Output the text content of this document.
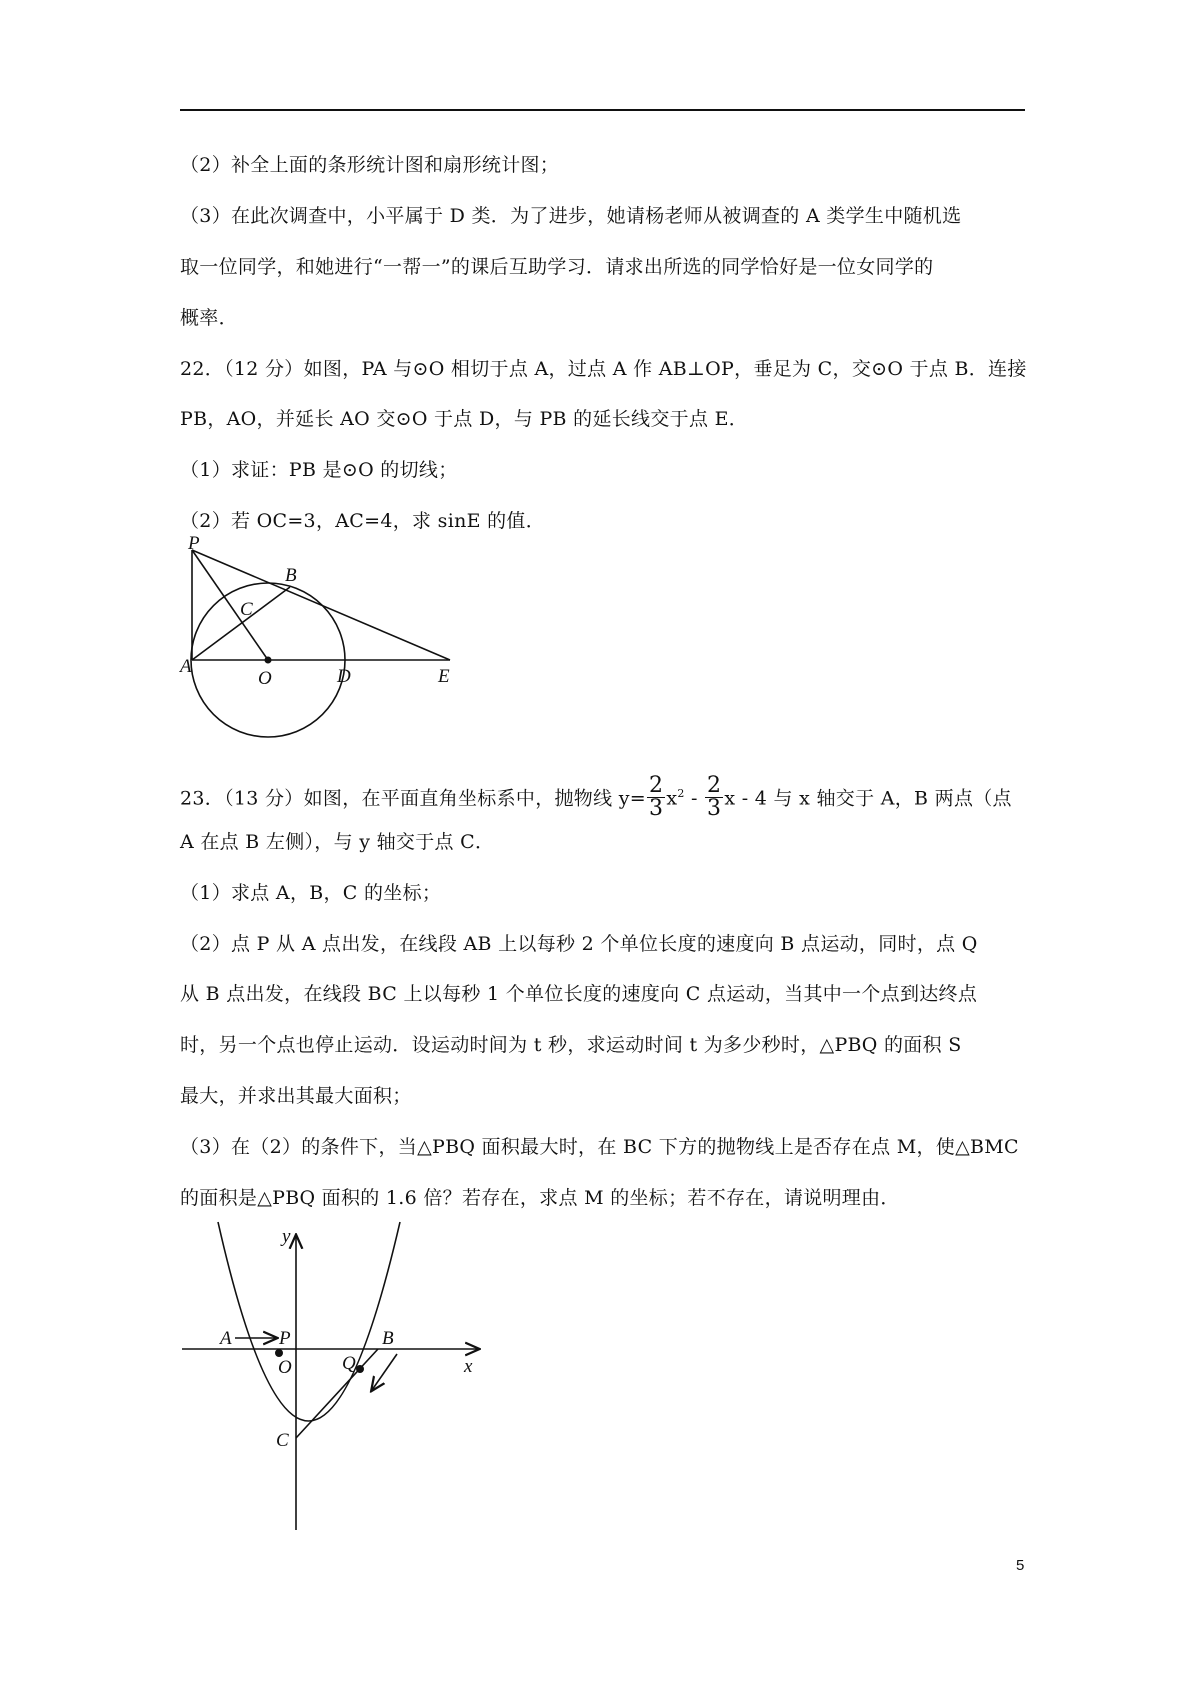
（2）补全上面的条形统计图和扇形统计图；
（3）在此次调查中，小平属于 D 类．为了进步，她请杨老师从被调查的 A 类学生中随机选
取一位同学，和她进行“一帮一”的课后互助学习．请求出所选的同学恰好是一位女同学的
概率．
22．（12 分）如图，PA 与⊙O 相切于点 A，过点 A 作 AB⊥OP，垂足为 C，交⊙O 于点 B．连接
PB，AO，并延长 AO 交⊙O 于点 D，与 PB 的延长线交于点 E．
（1）求证：PB 是⊙O 的切线；
（2）若 OC=3，AC=4，求 sinE 的值．
P
B
C
A
O	D	E
23．（13 分）如图，在平面直角坐标系中，抛物线 $y= \frac{2}{3} x^2 - \frac{2}{3}$ x - 4 与 x 轴交于 A，B 两点（点
A 在点 B 左侧），与 y 轴交于点 C．
（1）求点 A，B，C 的坐标；
（2）点 P 从 A 点出发，在线段 AB 上以每秒 2 个单位长度的速度向 B 点运动，同时，点 Q
从 B 点出发，在线段 BC 上以每秒 1 个单位长度的速度向 C 点运动，当其中一个点到达终点
时，另一个点也停止运动．设运动时间为 t 秒，求运动时间 t 为多少秒时，△PBQ 的面积 S
最大，并求出其最大面积；
（3）在（2）的条件下，当△PBQ 面积最大时，在 BC 下方的抛物线上是否存在点 M，使△BMC
的面积是△PBQ 面积的 1.6 倍？若存在，求点 M 的坐标；若不存在，请说明理由．
y
x
A P	B
O	Q
C
5
